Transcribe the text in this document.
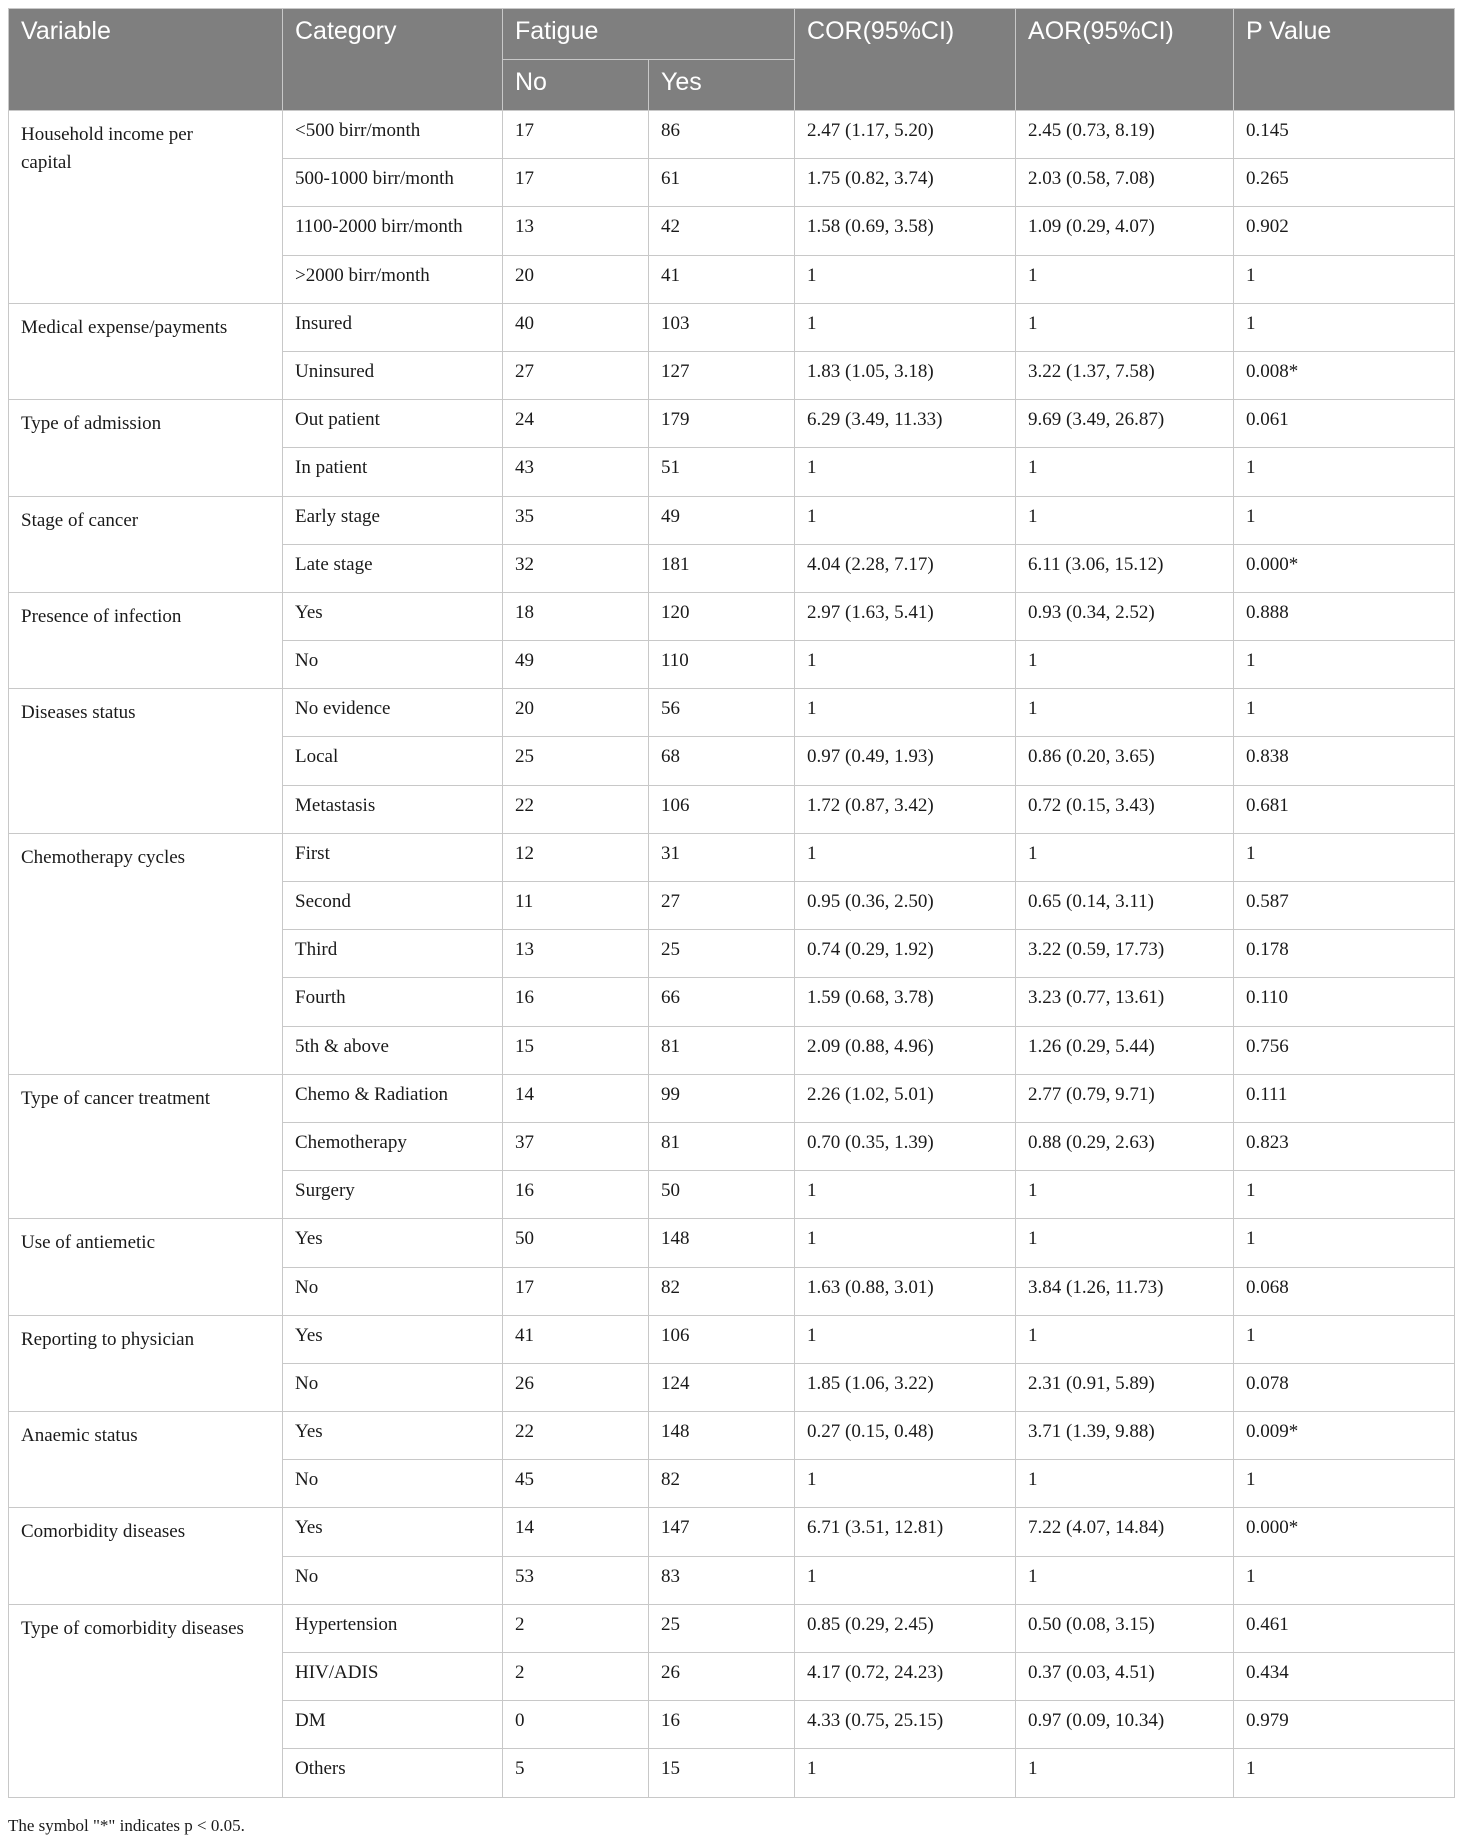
Variable	Category	Fatigue		COR(95%CI)	AOR(95%CI)	P Value
		No	Yes			
Household income per capital	<500 birr/month	17	86	2.47 (1.17, 5.20)	2.45 (0.73, 8.19)	0.145
	500-1000 birr/month	17	61	1.75 (0.82, 3.74)	2.03 (0.58, 7.08)	0.265
	1100-2000 birr/month	13	42	1.58 (0.69, 3.58)	1.09 (0.29, 4.07)	0.902
	>2000 birr/month	20	41	1	1	1
Medical expense/payments	Insured	40	103	1	1	1
	Uninsured	27	127	1.83 (1.05, 3.18)	3.22 (1.37, 7.58)	0.008*
Type of admission	Out patient	24	179	6.29 (3.49, 11.33)	9.69 (3.49, 26.87)	0.061
	In patient	43	51	1	1	1
Stage of cancer	Early stage	35	49	1	1	1
	Late stage	32	181	4.04 (2.28, 7.17)	6.11 (3.06, 15.12)	0.000*
Presence of infection	Yes	18	120	2.97 (1.63, 5.41)	0.93 (0.34, 2.52)	0.888
	No	49	110	1	1	1
Diseases status	No evidence	20	56	1	1	1
	Local	25	68	0.97 (0.49, 1.93)	0.86 (0.20, 3.65)	0.838
	Metastasis	22	106	1.72 (0.87, 3.42)	0.72 (0.15, 3.43)	0.681
Chemotherapy cycles	First	12	31	1	1	1
	Second	11	27	0.95 (0.36, 2.50)	0.65 (0.14, 3.11)	0.587
	Third	13	25	0.74 (0.29, 1.92)	3.22 (0.59, 17.73)	0.178
	Fourth	16	66	1.59 (0.68, 3.78)	3.23 (0.77, 13.61)	0.110
	5th & above	15	81	2.09 (0.88, 4.96)	1.26 (0.29, 5.44)	0.756
Type of cancer treatment	Chemo & Radiation	14	99	2.26 (1.02, 5.01)	2.77 (0.79, 9.71)	0.111
	Chemotherapy	37	81	0.70 (0.35, 1.39)	0.88 (0.29, 2.63)	0.823
	Surgery	16	50	1	1	1
Use of antiemetic	Yes	50	148	1	1	1
	No	17	82	1.63 (0.88, 3.01)	3.84 (1.26, 11.73)	0.068
Reporting to physician	Yes	41	106	1	1	1
	No	26	124	1.85 (1.06, 3.22)	2.31 (0.91, 5.89)	0.078
Anaemic status	Yes	22	148	0.27 (0.15, 0.48)	3.71 (1.39, 9.88)	0.009*
	No	45	82	1	1	1
Comorbidity diseases	Yes	14	147	6.71 (3.51, 12.81)	7.22 (4.07, 14.84)	0.000*
	No	53	83	1	1	1
Type of comorbidity diseases	Hypertension	2	25	0.85 (0.29, 2.45)	0.50 (0.08, 3.15)	0.461
	HIV/ADIS	2	26	4.17 (0.72, 24.23)	0.37 (0.03, 4.51)	0.434
	DM	0	16	4.33 (0.75, 25.15)	0.97 (0.09, 10.34)	0.979
	Others	5	15	1	1	1
The symbol "*" indicates p < 0.05.
